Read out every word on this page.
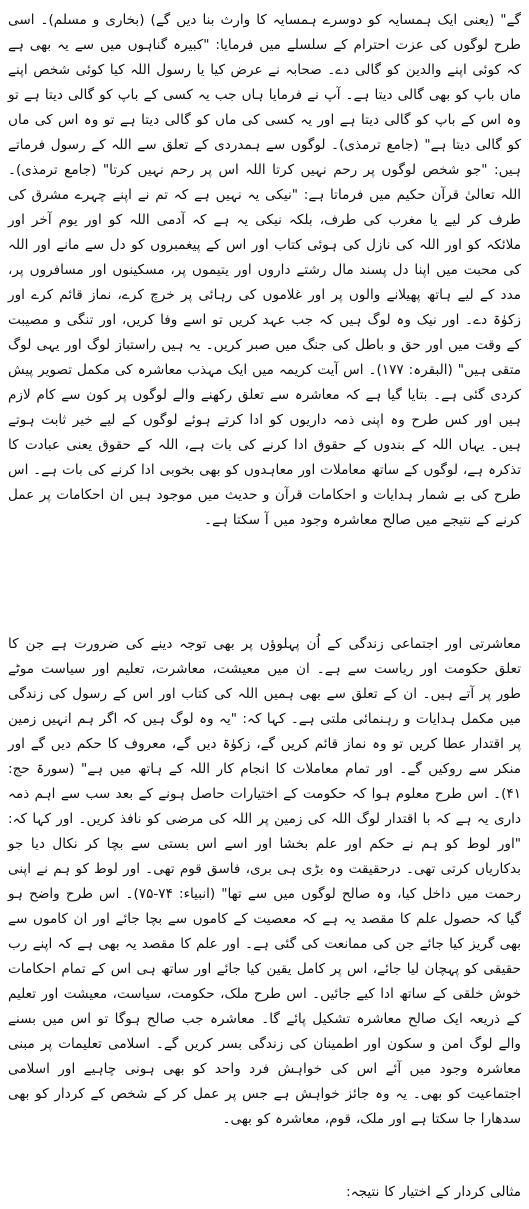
گے" (یعنی ایک ہمسایہ کو دوسرے ہمسایہ کا وارث بنا دیں گے) (بخاری و مسلم)۔ اسی طرح لوگوں کی عزت احترام کے سلسلے میں فرمایا: "کبیرہ گناہوں میں سے یہ بھی ہے کہ کوئی اپنے والدین کو گالی دے۔ صحابہ نے عرض کیا یا رسول اللہ کیا کوئی شخص اپنے ماں باپ کو بھی گالی دیتا ہے۔ آپ نے فرمایا ہاں جب یہ کسی کے باپ کو گالی دیتا ہے تو وہ اس کے باپ کو گالی دیتا ہے اور یہ کسی کی ماں کو گالی دیتا ہے تو وہ اس کی ماں کو گالی دیتا ہے" (جامع ترمذی)۔ لوگوں سے ہمدردی کے تعلق سے اللہ کے رسول فرماتے ہیں: "جو شخص لوگوں پر رحم نہیں کرتا اللہ اس پر رحم نہیں کرتا" (جامع ترمذی)۔ اللہ تعالیٰ قرآن حکیم میں فرماتا ہے: "نیکی یہ نہیں ہے کہ تم نے اپنے چہرے مشرق کی طرف کر لیے یا مغرب کی طرف، بلکہ نیکی یہ ہے کہ آدمی اللہ کو اور یوم آخر اور ملائکہ کو اور اللہ کی نازل کی ہوئی کتاب اور اس کے پیغمبروں کو دل سے مانے اور اللہ کی محبت میں اپنا دل پسند مال رشتے داروں اور یتیموں پر، مسکینوں اور مسافروں پر، مدد کے لیے ہاتھ پھیلانے والوں پر اور غلاموں کی رہائی پر خرچ کرے، نماز قائم کرے اور زکوٰۃ دے۔ اور نیک وہ لوگ ہیں کہ جب عہد کریں تو اسے وفا کریں، اور تنگی و مصیبت کے وقت میں اور حق و باطل کی جنگ میں صبر کریں۔ یہ ہیں راستباز لوگ اور یہی لوگ متقی ہیں" (البقرہ: ۱۷۷)۔ اس آیت کریمہ میں ایک مہذب معاشرہ کی مکمل تصویر پیش کردی گئی ہے۔ بتایا گیا ہے کہ معاشرہ سے تعلق رکھنے والے لوگوں پر کون سے کام لازم ہیں اور کس طرح وہ اپنی ذمہ داریوں کو ادا کرتے ہوئے لوگوں کے لیے خیر ثابت ہوتے ہیں۔ یہاں اللہ کے بندوں کے حقوق ادا کرنے کی بات ہے، اللہ کے حقوق یعنی عبادت کا تذکرہ ہے، لوگوں کے ساتھ معاملات اور معاہدوں کو بھی بخوبی ادا کرنے کی بات ہے۔ اس طرح کی بے شمار ہدایات و احکامات قرآن و حدیث میں موجود ہیں ان احکامات پر عمل کرنے کے نتیجے میں صالح معاشرہ وجود میں آ سکتا ہے۔

معاشرتی اور اجتماعی زندگی کے اُن پہلوؤں پر بھی توجہ دینے کی ضرورت ہے جن کا تعلق حکومت اور ریاست سے ہے۔ ان میں معیشت، معاشرت، تعلیم اور سیاست موٹے طور پر آتے ہیں۔ ان کے تعلق سے بھی ہمیں اللہ کی کتاب اور اس کے رسول کی زندگی میں مکمل ہدایات و رہنمائی ملتی ہے۔ کہا کہ: "یہ وہ لوگ ہیں کہ اگر ہم انہیں زمین پر اقتدار عطا کریں تو وہ نماز قائم کریں گے، زکوٰۃ دیں گے، معروف کا حکم دیں گے اور منکر سے روکیں گے۔ اور تمام معاملات کا انجام کار اللہ کے ہاتھ میں ہے" (سورۃ حج: ۴۱)۔ اس طرح معلوم ہوا کہ حکومت کے اختیارات حاصل ہونے کے بعد سب سے اہم ذمہ داری یہ ہے کہ با اقتدار لوگ اللہ کی زمین پر اللہ کی مرضی کو نافذ کریں۔ اور کہا کہ: "اور لوط کو ہم نے حکم اور علم بخشا اور اسے اس بستی سے بچا کر نکال دیا جو بدکاریاں کرتی تھی۔ درحقیقت وہ بڑی ہی بری، فاسق قوم تھی۔ اور لوط کو ہم نے اپنی رحمت میں داخل کیا، وہ صالح لوگوں میں سے تھا" (انبیاء: ۷۴-۷۵)۔ اس طرح واضح ہو گیا کہ حصول علم کا مقصد یہ ہے کہ معصیت کے کاموں سے بچا جائے اور ان کاموں سے بھی گریز کیا جائے جن کی ممانعت کی گئی ہے۔ اور علم کا مقصد یہ بھی ہے کہ اپنے رب حقیقی کو پہچان لیا جائے، اس پر کامل یقین کیا جائے اور ساتھ ہی اس کے تمام احکامات خوش خلقی کے ساتھ ادا کیے جائیں۔ اس طرح ملک، حکومت، سیاست، معیشت اور تعلیم کے ذریعہ ایک صالح معاشرہ تشکیل پائے گا۔ معاشرہ جب صالح ہوگا تو اس میں بسنے والے لوگ امن و سکون اور اطمینان کی زندگی بسر کریں گے۔ اسلامی تعلیمات پر مبنی معاشرہ وجود میں آئے اس کی خواہش فرد واحد کو بھی ہونی چاہیے اور اسلامی اجتماعیت کو بھی۔ یہ وہ جائز خواہش ہے جس پر عمل کر کے شخص کے کردار کو بھی سدھارا جا سکتا ہے اور ملک، قوم، معاشرہ کو بھی۔

مثالی کردار کے اختیار کا نتیجہ:
